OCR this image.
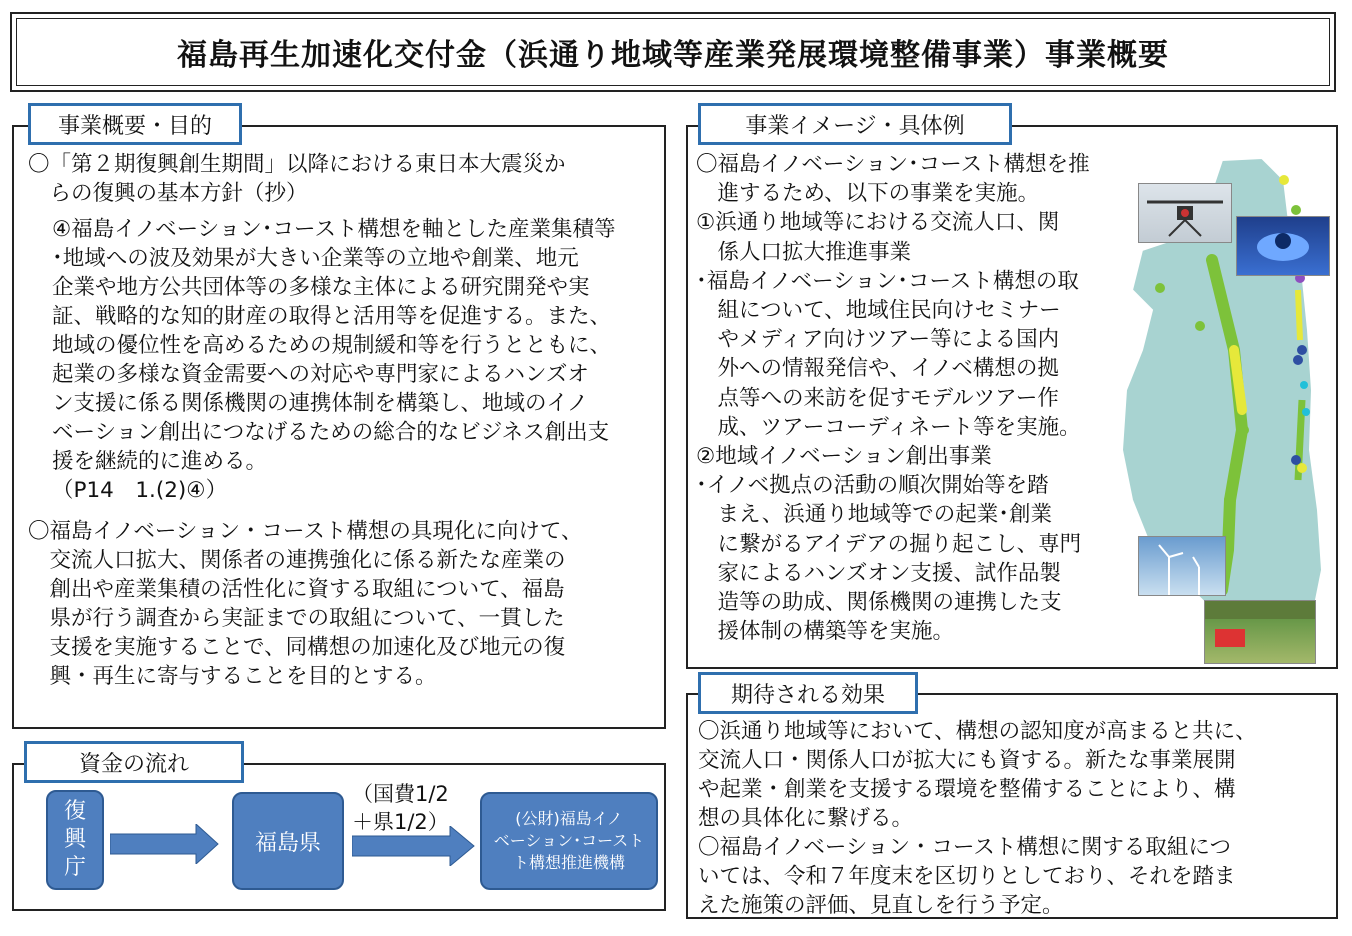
福島再生加速化交付金（浜通り地域等産業発展環境整備事業）事業概要
事業概要・目的
〇「第２期復興創生期間」以降における東日本大震災か
　らの復興の基本方針（抄）
④福島イノベーション･コースト構想を軸とした産業集積等
･地域への波及効果が大きい企業等の立地や創業、地元
企業や地方公共団体等の多様な主体による研究開発や実
証、戦略的な知的財産の取得と活用等を促進する。また、
地域の優位性を高めるための規制緩和等を行うとともに、
起業の多様な資金需要への対応や専門家によるハンズオ
ン支援に係る関係機関の連携体制を構築し、地域のイノ
ベーション創出につなげるための総合的なビジネス創出支
援を継続的に進める。
（P14　1.(2)④）
〇福島イノベーション・コースト構想の具現化に向けて、
　交流人口拡大、関係者の連携強化に係る新たな産業の
　創出や産業集積の活性化に資する取組について、福島
　県が行う調査から実証までの取組について、一貫した
　支援を実施することで、同構想の加速化及び地元の復
　興・再生に寄与することを目的とする。
資金の流れ
復
興
庁
福島県
（国費1/2
＋県1/2）	(公財)福島イノ
ベーション･コースト
ト構想推進機構
事業イメージ・具体例
〇福島イノベーション･コースト構想を推
　進するため、以下の事業を実施。
①浜通り地域等における交流人口、関
　係人口拡大推進事業
･福島イノベーション･コースト構想の取
　組について、地域住民向けセミナー
　やメディア向けツアー等による国内
　外への情報発信や、イノベ構想の拠
　点等への来訪を促すモデルツアー作
　成、ツアーコーディネート等を実施。
②地域イノベーション創出事業
･イノベ拠点の活動の順次開始等を踏
　まえ、浜通り地域等での起業･創業
　に繋がるアイデアの掘り起こし、専門
　家によるハンズオン支援、試作品製
　造等の助成、関係機関の連携した支
　援体制の構築等を実施。
期待される効果
〇浜通り地域等において、構想の認知度が高まると共に、
交流人口・関係人口が拡大にも資する。新たな事業展開
や起業・創業を支援する環境を整備することにより、構
想の具体化に繋げる。
〇福島イノベーション・コースト構想に関する取組につ
いては、令和７年度末を区切りとしており、それを踏ま
えた施策の評価、見直しを行う予定。
